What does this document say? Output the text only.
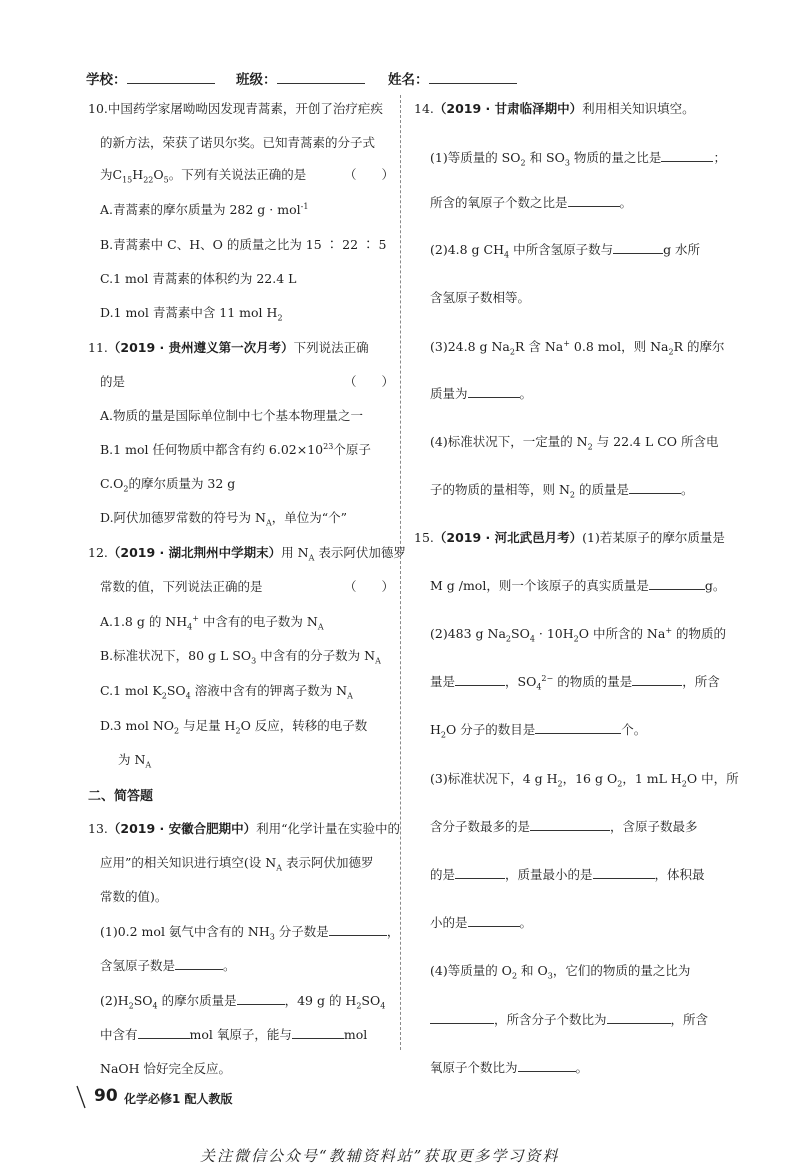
学校：	班级：	姓名：
10.中国药学家屠呦呦因发现青蒿素，开创了治疗疟疾
的新方法，荣获了诺贝尔奖。已知青蒿素的分子式
为$C_{15}H_{22}O_5$。下列有关说法正确的是	（　　）
A.青蒿素的摩尔质量为 282 g · mol$^{-1}$
B.青蒿素中 C、H、O 的质量之比为 15 ∶ 22 ∶ 5
C.1 mol 青蒿素的体积约为 22.4 L
D.1 mol 青蒿素中含 11 mol $H_2$
11.（2019 · 贵州遵义第一次月考）下列说法正确
的是	（　　）
A.物质的量是国际单位制中七个基本物理量之一
B.1 mol 任何物质中都含有约 $6.02\times 10^{23}$个原子
$C.O_2$的摩尔质量为 32 g
D.阿伏加德罗常数的符号为 $N_A$，单位为“个”
12.（2019 · 湖北荆州中学期末）用 $N_A$ 表示阿伏加德罗
常数的值，下列说法正确的是	（　　）
A.1.8 g 的 $NH_4^+$ 中含有的电子数为 $N_A$
B.标准状况下，80 g L $SO_3$ 中含有的分子数为 $N_A$
C.1 mol $K_2SO_4$ 溶液中含有的钾离子数为 $N_A$
D.3 mol $NO_2$ 与足量 $H_2O$ 反应，转移的电子数
为 $N_A$
二、简答题
13.（2019 · 安徽合肥期中）利用“化学计量在实验中的
应用”的相关知识进行填空(设 $N_A$ 表示阿伏加德罗
常数的值)。
(1)0.2 mol 氨气中含有的 $NH_3$ 分子数是	，
含氢原子数是	。
$(2)H_2SO_4$ 的摩尔质量是	，49 g 的 $H_2SO_4$
中含有	mol 氧原子，能与	mol
NaOH 恰好完全反应。
14.（2019 · 甘肃临泽期中）利用相关知识填空。
(1)等质量的 $SO_2$ 和 $SO_3$ 物质的量之比是	；
所含的氧原子个数之比是	。
(2)4.8 g $CH_4$ 中所含氢原子数与	g 水所
含氢原子数相等。
(3)24.8 g $Na_2R$ 含 Na+ 0.8 mol，则 $Na_2R$ 的摩尔
质量为	。
(4)标准状况下，一定量的 $N_2$ 与 22.4 L CO 所含电
子的物质的量相等，则 $N_2$ 的质量是	。
15.（2019 · 河北武邑月考）(1)若某原子的摩尔质量是
M g /mol，则一个该原子的真实质量是	g。
(2)483 g $Na_2SO_4 \cdot 10H_2O$ 中所含的 Na+ 的物质的
量是	，$SO_4^{2-}$ 的物质的量是	，所含
$H_2O$ 分子的数目是	个。
(3)标准状况下，4 g $H_2$，16 g $O_2$，1 mL $H_2O$ 中，所
含分子数最多的是	，含原子数最多
的是	，质量最小的是	，体积最
小的是	。
(4)等质量的 $O_2$ 和 $O_3$，它们的物质的量之比为
，所含分子个数比为	，所含
氧原子个数比为	。
90 化学必修1 配人教版
关注微信公众号“教辅资料站”获取更多学习资料
